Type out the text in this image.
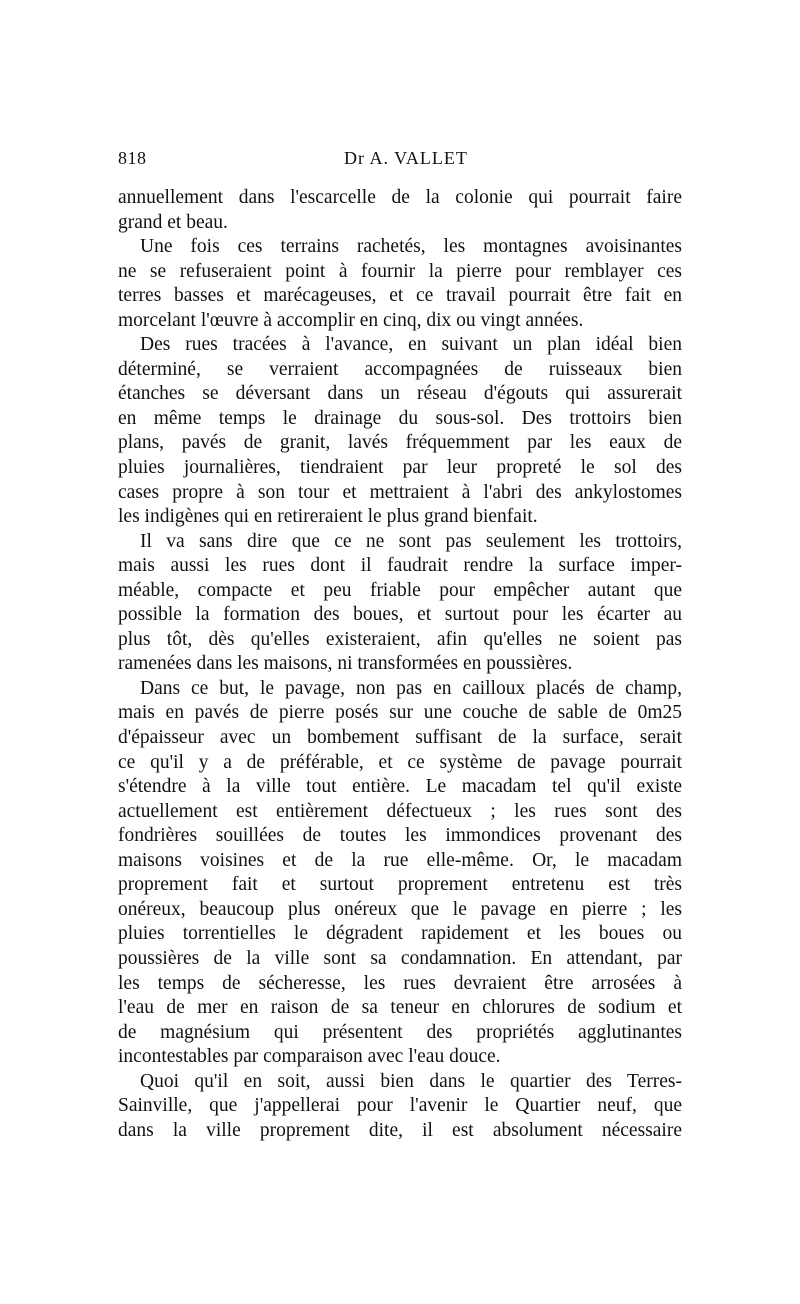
818	Dr A. VALLET
annuellement dans l'escarcelle de la colonie qui pourrait faire
grand et beau.
Une fois ces terrains rachetés, les montagnes avoisinantes
ne se refuseraient point à fournir la pierre pour remblayer ces
terres basses et marécageuses, et ce travail pourrait être fait en
morcelant l'œuvre à accomplir en cinq, dix ou vingt années.
Des rues tracées à l'avance, en suivant un plan idéal bien
déterminé, se verraient accompagnées de ruisseaux bien
étanches se déversant dans un réseau d'égouts qui assurerait
en même temps le drainage du sous-sol. Des trottoirs bien
plans, pavés de granit, lavés fréquemment par les eaux de
pluies journalières, tiendraient par leur propreté le sol des
cases propre à son tour et mettraient à l'abri des ankylostomes
les indigènes qui en retireraient le plus grand bienfait.
Il va sans dire que ce ne sont pas seulement les trottoirs,
mais aussi les rues dont il faudrait rendre la surface imper-
méable, compacte et peu friable pour empêcher autant que
possible la formation des boues, et surtout pour les écarter au
plus tôt, dès qu'elles existeraient, afin qu'elles ne soient pas
ramenées dans les maisons, ni transformées en poussières.
Dans ce but, le pavage, non pas en cailloux placés de champ,
mais en pavés de pierre posés sur une couche de sable de 0m25
d'épaisseur avec un bombement suffisant de la surface, serait
ce qu'il y a de préférable, et ce système de pavage pourrait
s'étendre à la ville tout entière. Le macadam tel qu'il existe
actuellement est entièrement défectueux ; les rues sont des
fondrières souillées de toutes les immondices provenant des
maisons voisines et de la rue elle-même. Or, le macadam
proprement fait et surtout proprement entretenu est très
onéreux, beaucoup plus onéreux que le pavage en pierre ; les
pluies torrentielles le dégradent rapidement et les boues ou
poussières de la ville sont sa condamnation. En attendant, par
les temps de sécheresse, les rues devraient être arrosées à
l'eau de mer en raison de sa teneur en chlorures de sodium et
de magnésium qui présentent des propriétés agglutinantes
incontestables par comparaison avec l'eau douce.
Quoi qu'il en soit, aussi bien dans le quartier des Terres-
Sainville, que j'appellerai pour l'avenir le Quartier neuf, que
dans la ville proprement dite, il est absolument nécessaire
